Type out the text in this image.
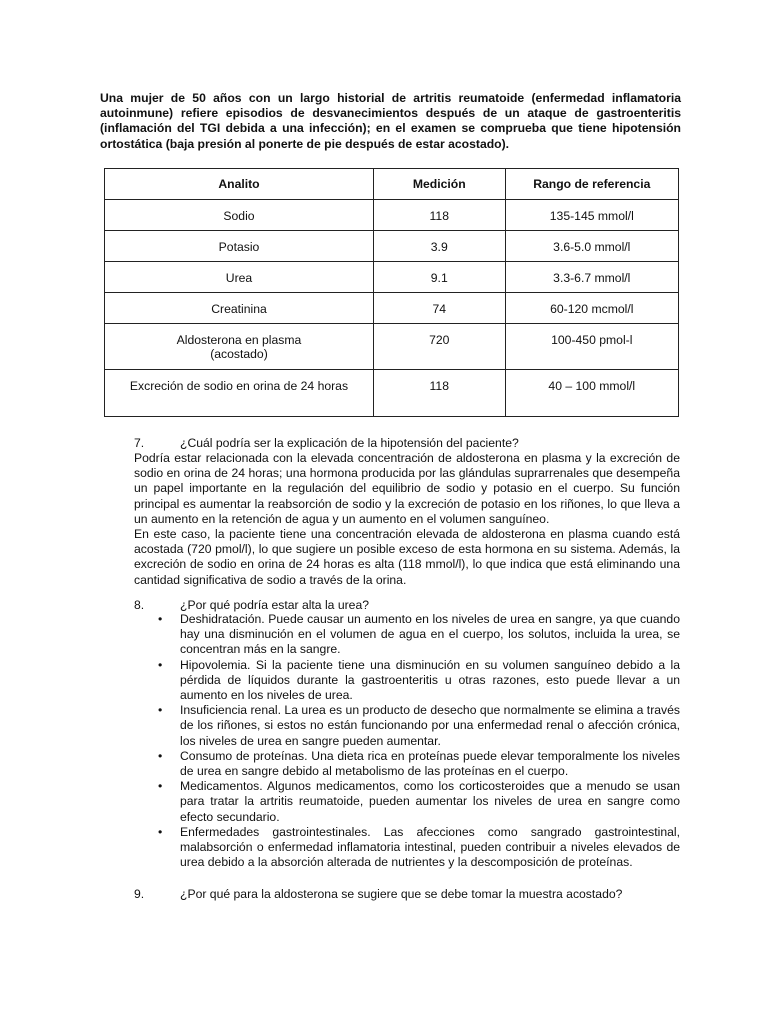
Una mujer de 50 años con un largo historial de artritis reumatoide (enfermedad inflamatoria autoinmune) refiere episodios de desvanecimientos después de un ataque de gastroenteritis (inflamación del TGI debida a una infección); en el examen se comprueba que tiene hipotensión ortostática (baja presión al ponerte de pie después de estar acostado).
Analito	Medición	Rango de referencia
Sodio	118	135-145 mmol/l
Potasio	3.9	3.6-5.0 mmol/l
Urea	9.1	3.3-6.7 mmol/l
Creatinina	74	60-120 mcmol/l

Aldosterona en plasma
(acostado)	720	100-450 pmol-l
Excreción de sodio en orina de 24 horas	118	40 – 100 mmol/l
7.	¿Cuál podría ser la explicación de la hipotensión del paciente?

Podría estar relacionada con la elevada concentración de aldosterona en plasma y la excreción de sodio en orina de 24 horas; una hormona producida por las glándulas suprarrenales que desempeña un papel importante en la regulación del equilibrio de sodio y potasio en el cuerpo. Su función principal es aumentar la reabsorción de sodio y la excreción de potasio en los riñones, lo que lleva a un aumento en la retención de agua y un aumento en el volumen sanguíneo.

En este caso, la paciente tiene una concentración elevada de aldosterona en plasma cuando está acostada (720 pmol/l), lo que sugiere un posible exceso de esta hormona en su sistema. Además, la excreción de sodio en orina de 24 horas es alta (118 mmol/l), lo que indica que está eliminando una cantidad significativa de sodio a través de la orina.

8.	¿Por qué podría estar alta la urea?
• Deshidratación. Puede causar un aumento en los niveles de urea en sangre, ya que cuando hay una disminución en el volumen de agua en el cuerpo, los solutos, incluida la urea, se concentran más en la sangre.
• Hipovolemia. Si la paciente tiene una disminución en su volumen sanguíneo debido a la pérdida de líquidos durante la gastroenteritis u otras razones, esto puede llevar a un aumento en los niveles de urea.
• Insuficiencia renal. La urea es un producto de desecho que normalmente se elimina a través de los riñones, si estos no están funcionando por una enfermedad renal o afección crónica, los niveles de urea en sangre pueden aumentar.
• Consumo de proteínas. Una dieta rica en proteínas puede elevar temporalmente los niveles de urea en sangre debido al metabolismo de las proteínas en el cuerpo.
• Medicamentos. Algunos medicamentos, como los corticosteroides que a menudo se usan para tratar la artritis reumatoide, pueden aumentar los niveles de urea en sangre como efecto secundario.
• Enfermedades gastrointestinales. Las afecciones como sangrado gastrointestinal, malabsorción o enfermedad inflamatoria intestinal, pueden contribuir a niveles elevados de urea debido a la absorción alterada de nutrientes y la descomposición de proteínas.
9.	¿Por qué para la aldosterona se sugiere que se debe tomar la muestra acostado?
